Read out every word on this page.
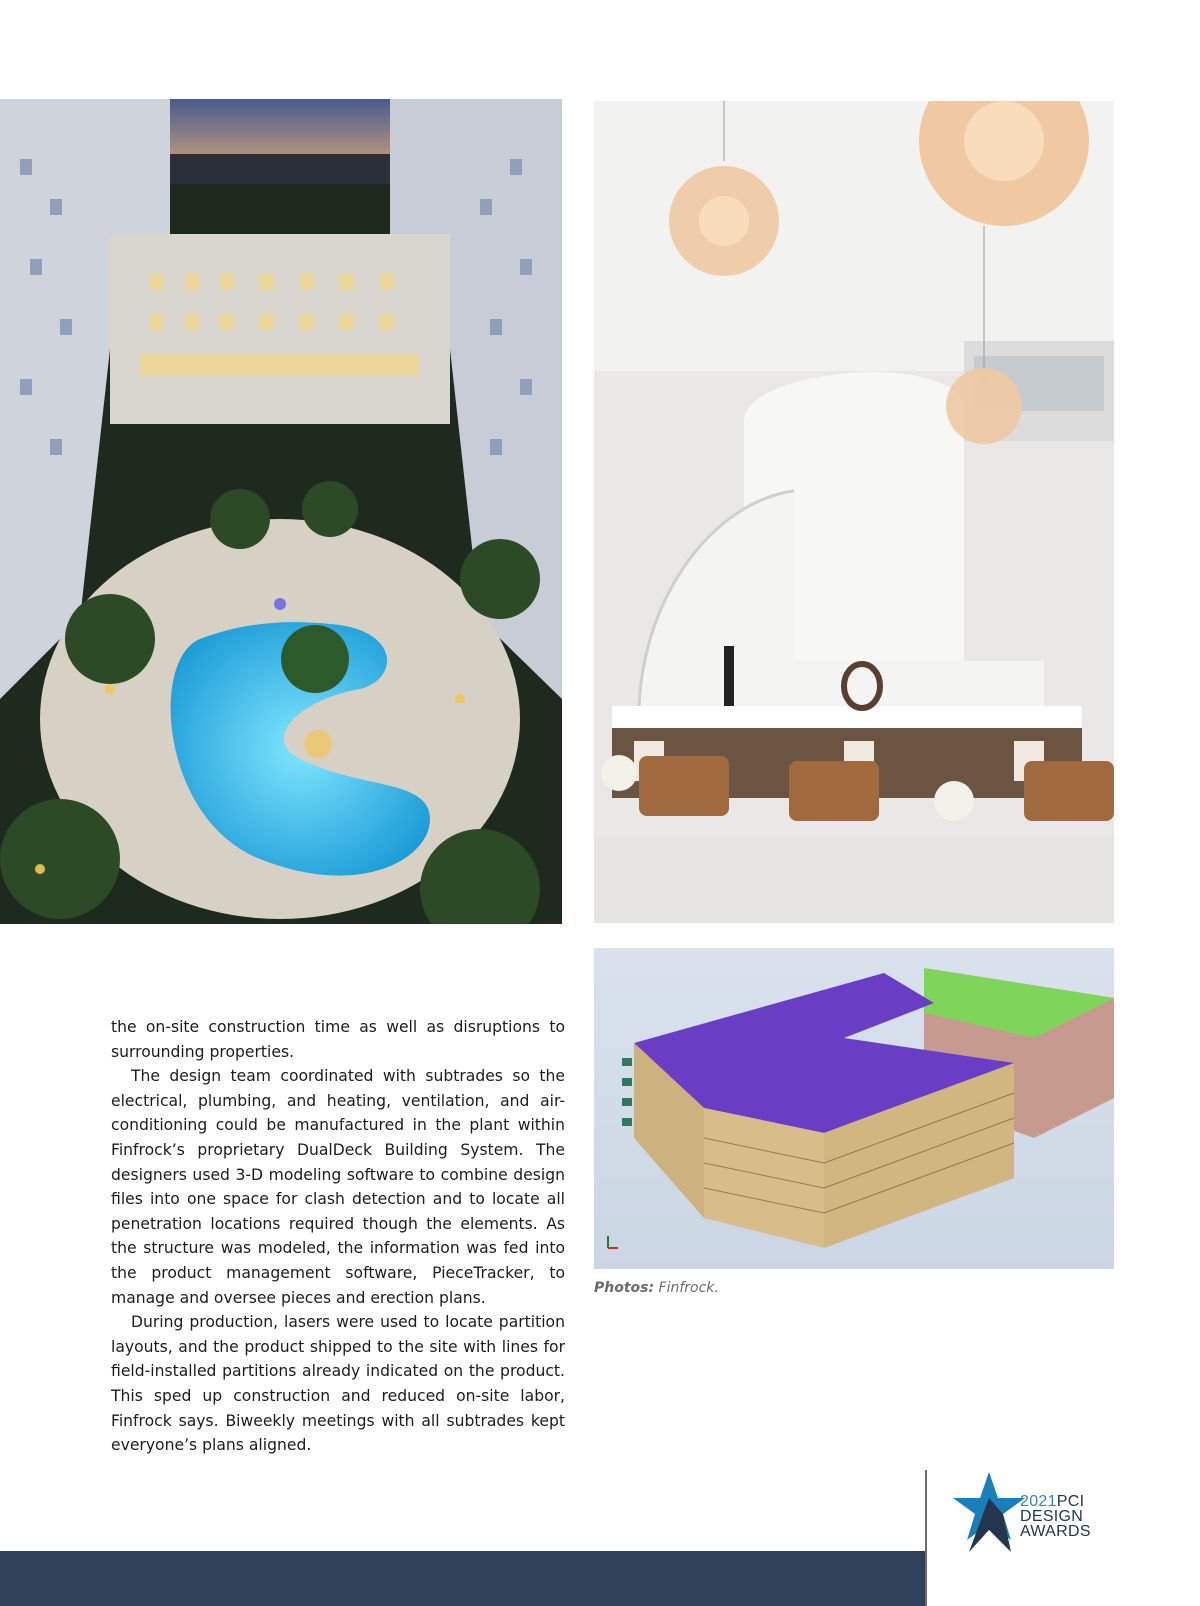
Photos: Finfrock.

the on-site construction time as well as disruptions to surrounding properties.

The design team coordinated with subtrades so the electrical, plumbing, and heating, ventilation, and air-conditioning could be manufactured in the plant within Finfrock’s proprietary DualDeck Building System. The designers used 3-D modeling software to combine design files into one space for clash detection and to locate all penetration locations required though the elements. As the structure was modeled, the information was fed into the product management software, PieceTracker, to manage and oversee pieces and erection plans.

During production, lasers were used to locate partition layouts, and the product shipped to the site with lines for field-installed partitions already indicated on the product. This sped up construction and reduced on-site labor, Finfrock says. Biweekly meetings with all subtrades kept everyone’s plans aligned.

2021PCI
DESIGN
AWARDS
